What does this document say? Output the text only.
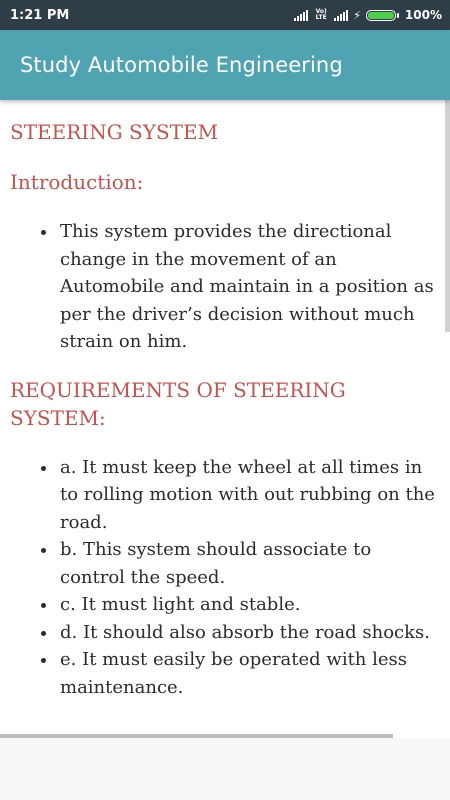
1:21 PM	Vo) LTE ⚡	100%
Study Automobile Engineering
STEERING SYSTEM
Introduction:
• This system provides the directional change in the movement of an Automobile and maintain in a position as per the driver’s decision without much strain on him.
REQUIREMENTS OF STEERING SYSTEM:
• a. It must keep the wheel at all times in to rolling motion with out rubbing on the road.
• b. This system should associate to control the speed.
• c. It must light and stable.
• d. It should also absorb the road shocks.
• e. It must easily be operated with less maintenance.
